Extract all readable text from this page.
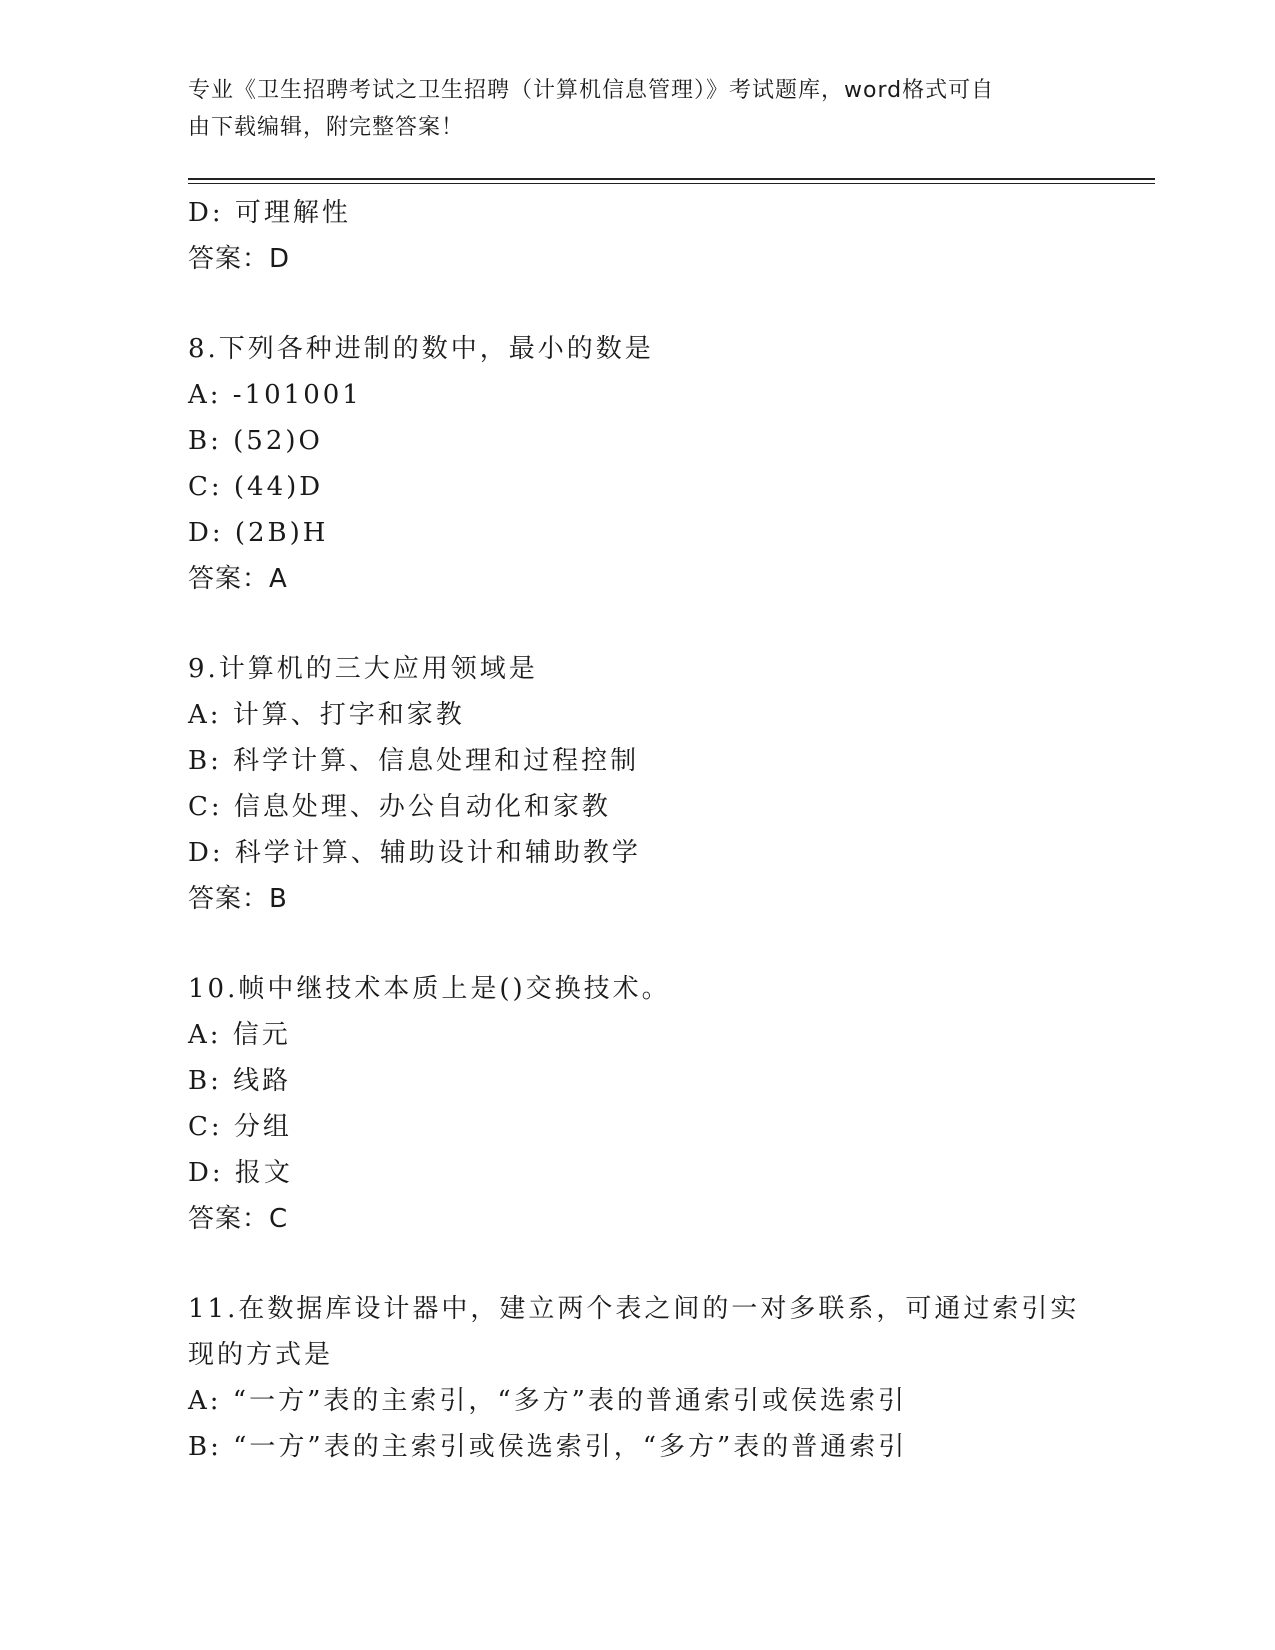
专业《卫生招聘考试之卫生招聘（计算机信息管理）》考试题库，word格式可自
由下载编辑，附完整答案！
D: 可理解性
答案：D
8.下列各种进制的数中，最小的数是
A: -101001
B: (52)O
C: (44)D
D: (2B)H
答案：A
9.计算机的三大应用领域是
A: 计算、打字和家教
B: 科学计算、信息处理和过程控制
C: 信息处理、办公自动化和家教
D: 科学计算、辅助设计和辅助教学
答案：B
10.帧中继技术本质上是()交换技术。
A: 信元
B: 线路
C: 分组
D: 报文
答案：C
11.在数据库设计器中，建立两个表之间的一对多联系，可通过索引实
现的方式是
A: “一方”表的主索引，“多方”表的普通索引或侯选索引
B: “一方”表的主索引或侯选索引，“多方”表的普通索引
